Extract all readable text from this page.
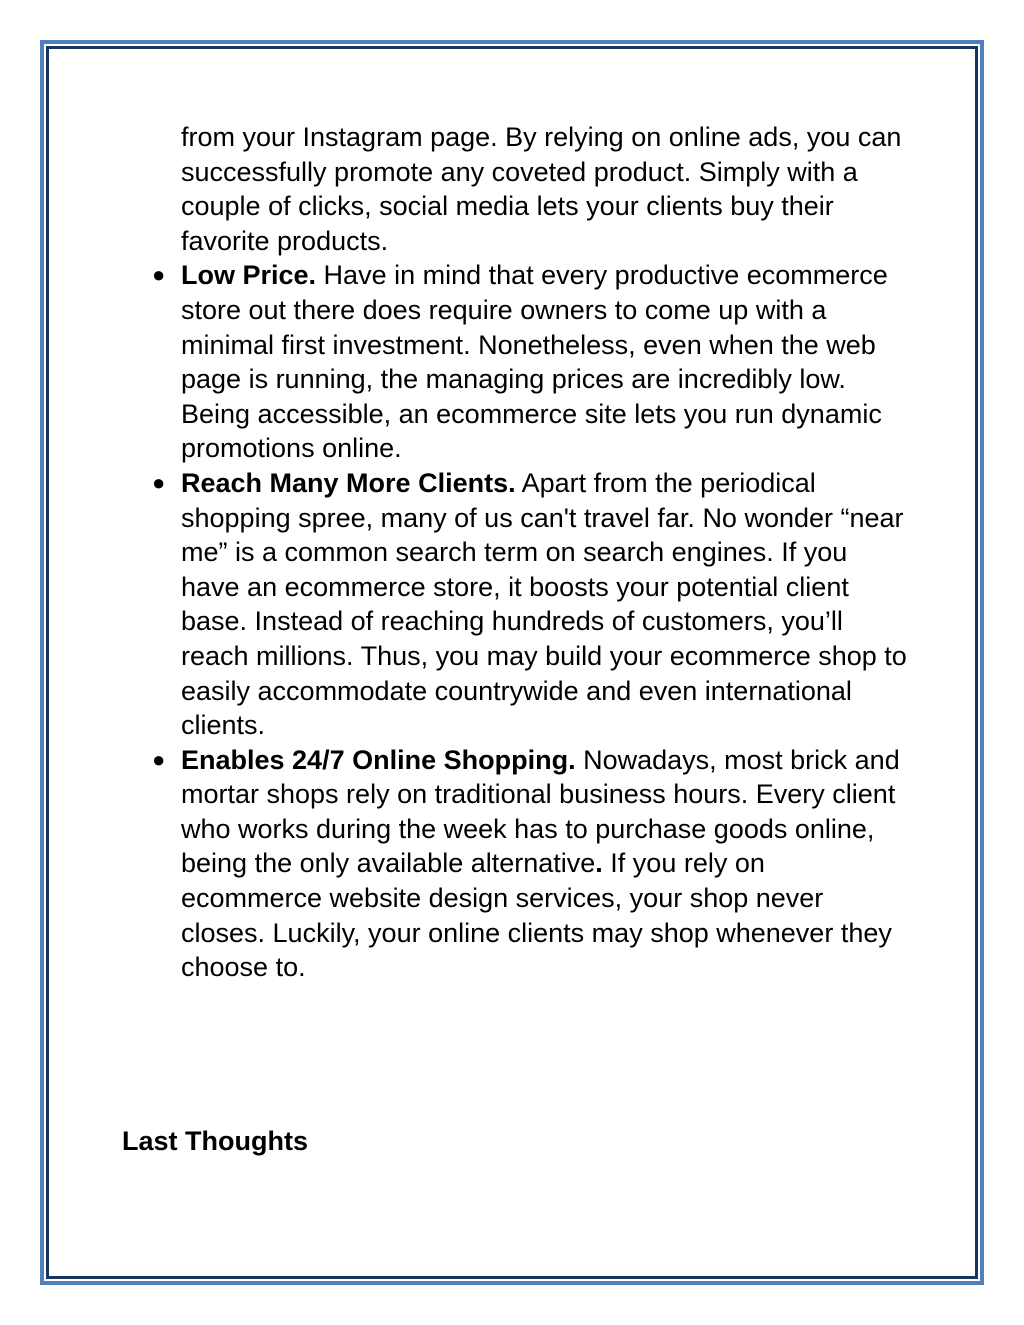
from your Instagram page. By relying on online ads, you can successfully promote any coveted product. Simply with a couple of clicks, social media lets your clients buy their favorite products.

● Low Price. Have in mind that every productive ecommerce store out there does require owners to come up with a minimal first investment. Nonetheless, even when the web page is running, the managing prices are incredibly low. Being accessible, an ecommerce site lets you run dynamic promotions online.

● Reach Many More Clients. Apart from the periodical shopping spree, many of us can't travel far. No wonder “near me” is a common search term on search engines. If you have an ecommerce store, it boosts your potential client base. Instead of reaching hundreds of customers, you’ll reach millions. Thus, you may build your ecommerce shop to easily accommodate countrywide and even international clients.

● Enables 24/7 Online Shopping. Nowadays, most brick and mortar shops rely on traditional business hours. Every client who works during the week has to purchase goods online, being the only available alternative. If you rely on ecommerce website design services, your shop never closes. Luckily, your online clients may shop whenever they choose to.

Last Thoughts
